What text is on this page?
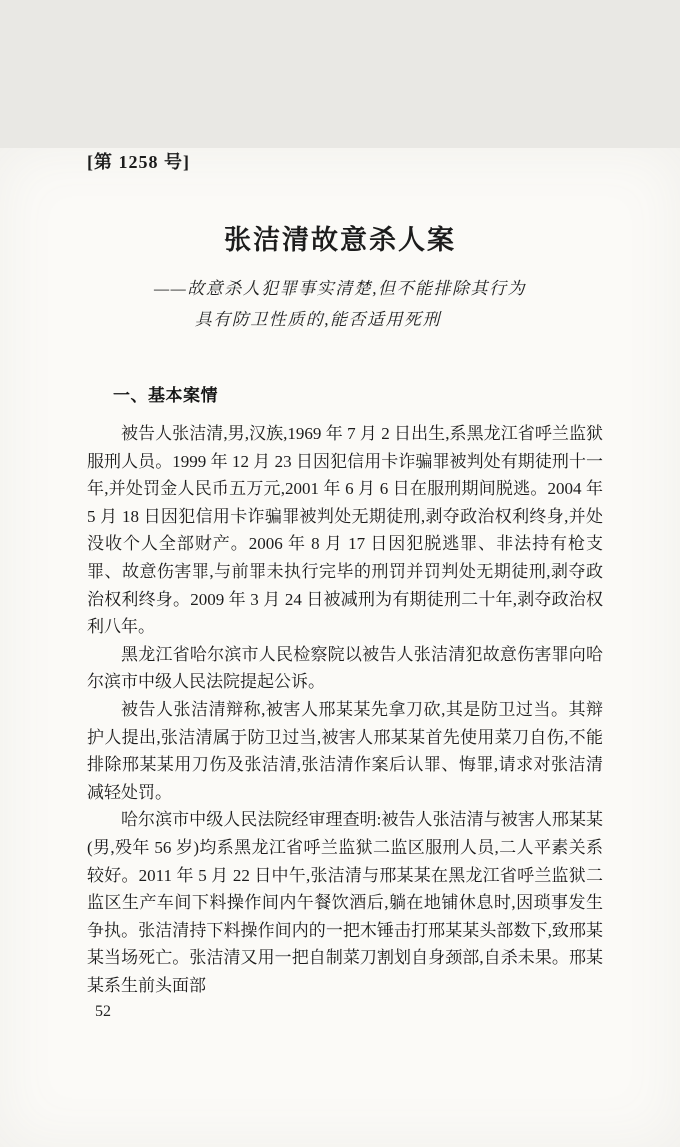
[第 1258 号]
张洁清故意杀人案
——故意杀人犯罪事实清楚,但不能排除其行为
具有防卫性质的,能否适用死刑
一、基本案情

被告人张洁清,男,汉族,1969 年 7 月 2 日出生,系黑龙江省呼兰监狱服刑人员。1999 年 12 月 23 日因犯信用卡诈骗罪被判处有期徒刑十一年,并处罚金人民币五万元,2001 年 6 月 6 日在服刑期间脱逃。2004 年 5 月 18 日因犯信用卡诈骗罪被判处无期徒刑,剥夺政治权利终身,并处没收个人全部财产。2006 年 8 月 17 日因犯脱逃罪、非法持有枪支罪、故意伤害罪,与前罪未执行完毕的刑罚并罚判处无期徒刑,剥夺政治权利终身。2009 年 3 月 24 日被减刑为有期徒刑二十年,剥夺政治权利八年。

黑龙江省哈尔滨市人民检察院以被告人张洁清犯故意伤害罪向哈尔滨市中级人民法院提起公诉。

被告人张洁清辩称,被害人邢某某先拿刀砍,其是防卫过当。其辩护人提出,张洁清属于防卫过当,被害人邢某某首先使用菜刀自伤,不能排除邢某某用刀伤及张洁清,张洁清作案后认罪、悔罪,请求对张洁清减轻处罚。

哈尔滨市中级人民法院经审理查明:被告人张洁清与被害人邢某某(男,殁年 56 岁)均系黑龙江省呼兰监狱二监区服刑人员,二人平素关系较好。2011 年 5 月 22 日中午,张洁清与邢某某在黑龙江省呼兰监狱二监区生产车间下料操作间内午餐饮酒后,躺在地铺休息时,因琐事发生争执。张洁清持下料操作间内的一把木锤击打邢某某头部数下,致邢某某当场死亡。张洁清又用一把自制菜刀割划自身颈部,自杀未果。邢某某系生前头面部

52
